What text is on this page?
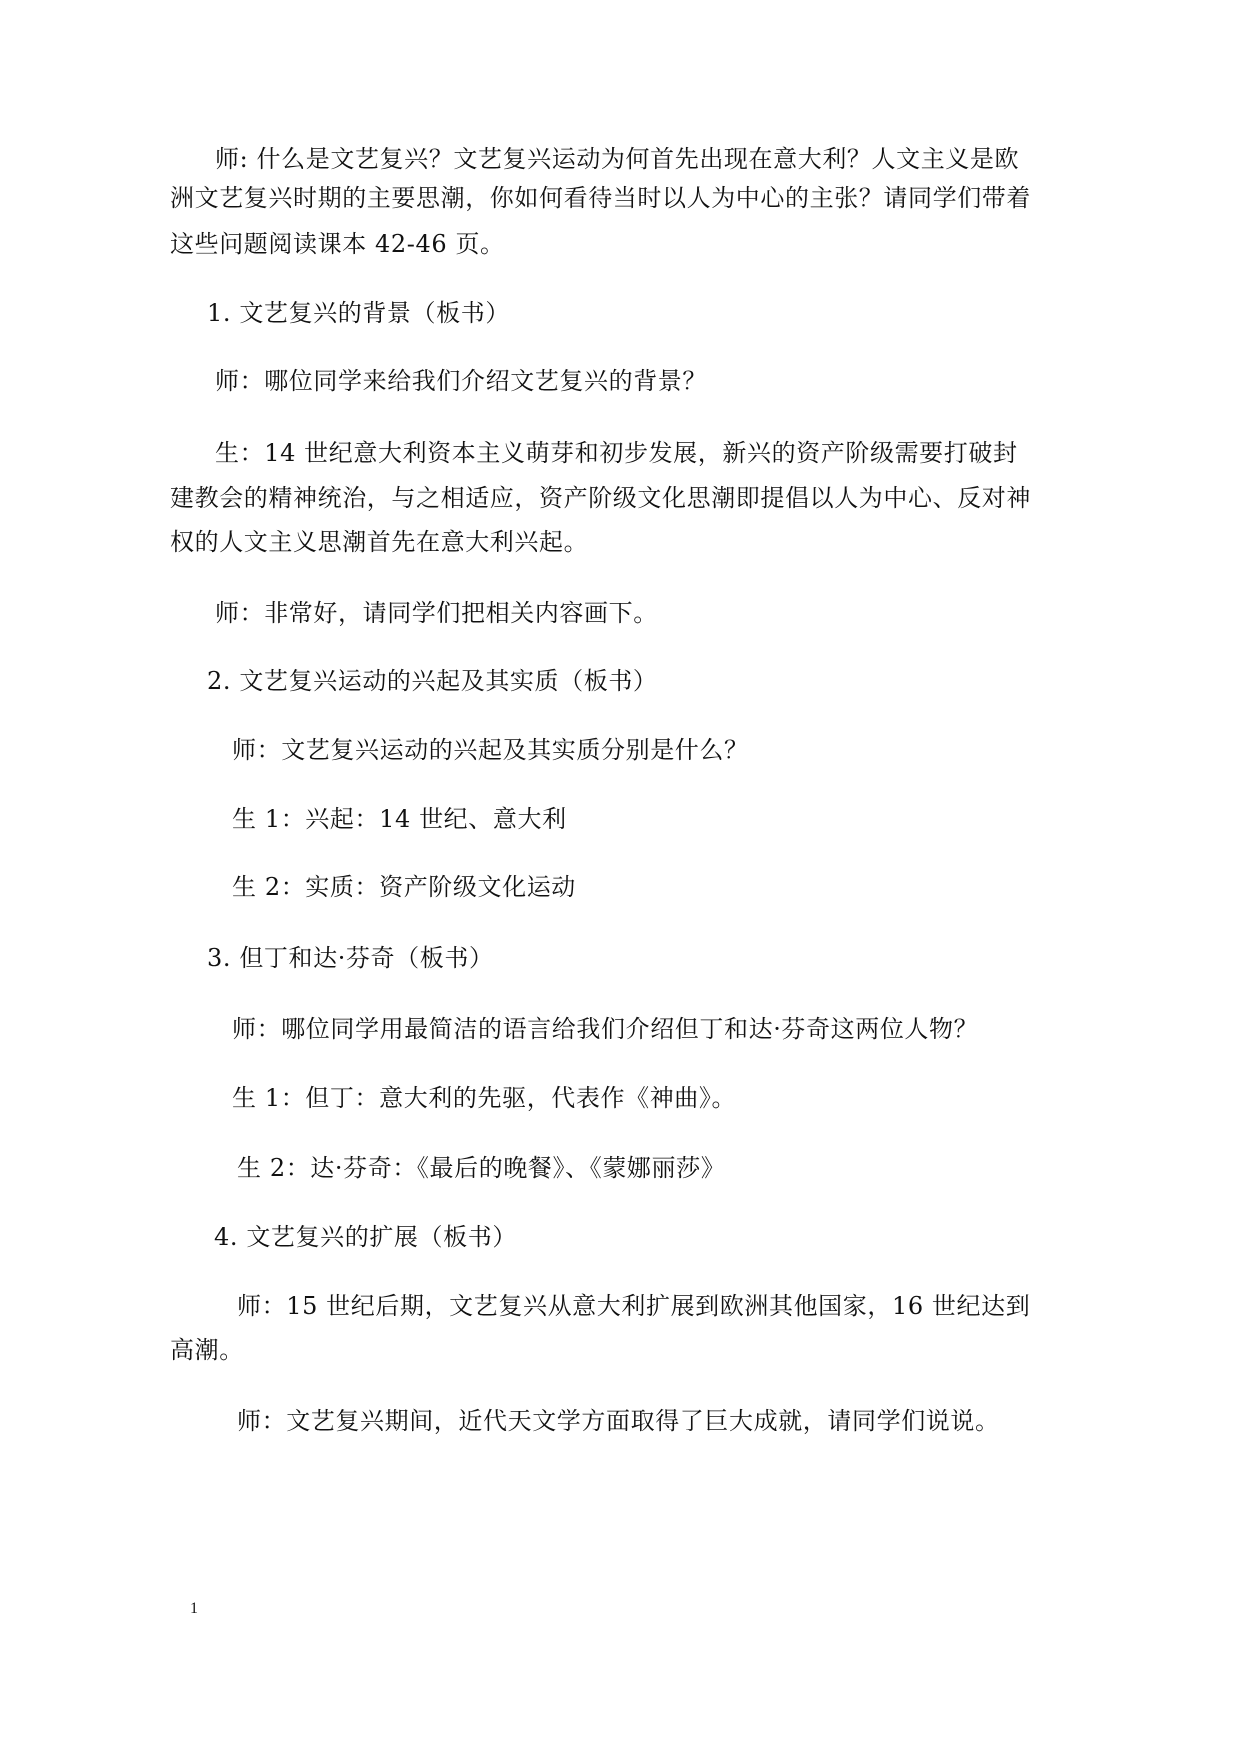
师: 什么是文艺复兴？文艺复兴运动为何首先出现在意大利？人文主义是欧
洲文艺复兴时期的主要思潮，你如何看待当时以人为中心的主张？请同学们带着
这些问题阅读课本 42-46 页。
1. 文艺复兴的背景（板书）
师：哪位同学来给我们介绍文艺复兴的背景？
生：14 世纪意大利资本主义萌芽和初步发展，新兴的资产阶级需要打破封
建教会的精神统治，与之相适应，资产阶级文化思潮即提倡以人为中心、反对神
权的人文主义思潮首先在意大利兴起。
师：非常好，请同学们把相关内容画下。
2. 文艺复兴运动的兴起及其实质（板书）
师：文艺复兴运动的兴起及其实质分别是什么？
生 1：兴起：14 世纪、意大利
生 2：实质：资产阶级文化运动
3. 但丁和达·芬奇（板书）
师：哪位同学用最简洁的语言给我们介绍但丁和达·芬奇这两位人物？
生 1：但丁：意大利的先驱，代表作《神曲》。
生 2：达·芬奇：《最后的晚餐》、《蒙娜丽莎》
4. 文艺复兴的扩展（板书）
师：15 世纪后期，文艺复兴从意大利扩展到欧洲其他国家，16 世纪达到
高潮。
师：文艺复兴期间，近代天文学方面取得了巨大成就，请同学们说说。
1
